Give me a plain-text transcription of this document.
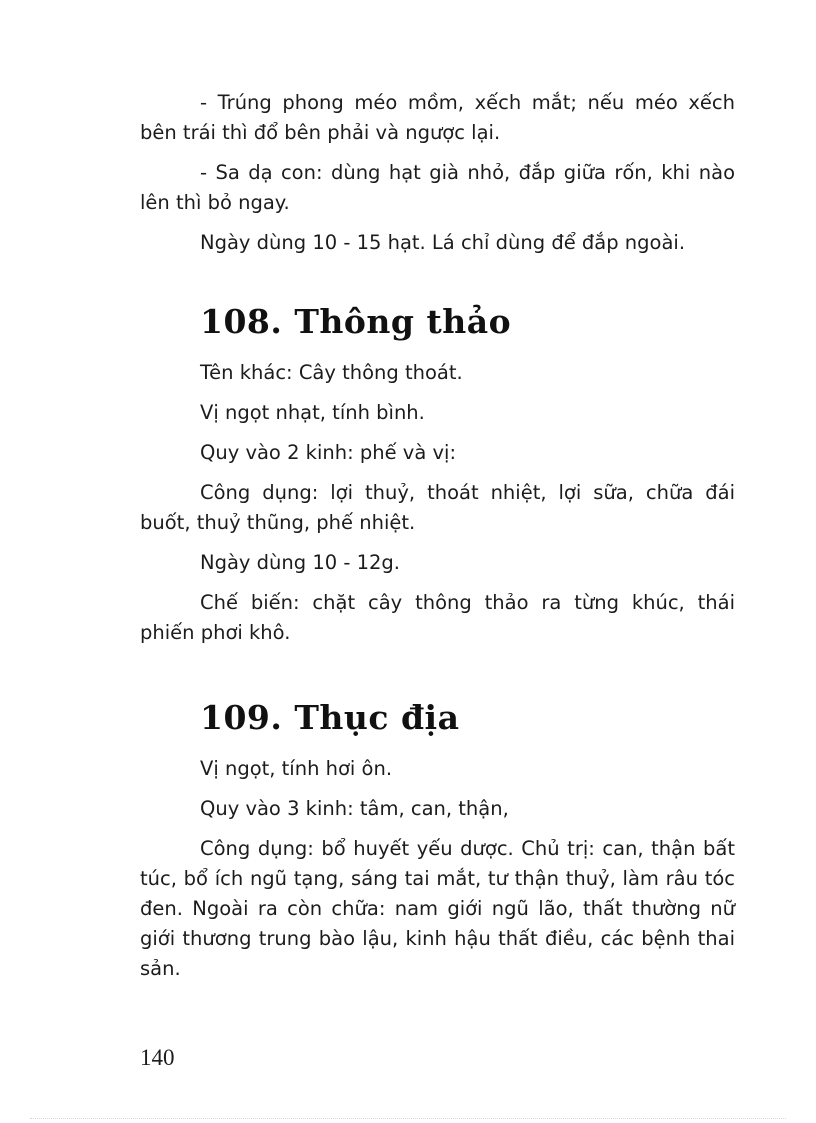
- Trúng phong méo mồm, xếch mắt; nếu méo xếch bên trái thì đổ bên phải và ngược lại.

- Sa dạ con: dùng hạt già nhỏ, đắp giữa rốn, khi nào lên thì bỏ ngay.

Ngày dùng 10 - 15 hạt. Lá chỉ dùng để đắp ngoài.

108. Thông thảo

Tên khác: Cây thông thoát.

Vị ngọt nhạt, tính bình.

Quy vào 2 kinh: phế và vị:

Công dụng: lợi thuỷ, thoát nhiệt, lợi sữa, chữa đái buốt, thuỷ thũng, phế nhiệt.

Ngày dùng 10 - 12g.

Chế biến: chặt cây thông thảo ra từng khúc, thái phiến phơi khô.

109. Thục địa

Vị ngọt, tính hơi ôn.

Quy vào 3 kinh: tâm, can, thận,

Công dụng: bổ huyết yếu dược. Chủ trị: can, thận bất túc, bổ ích ngũ tạng, sáng tai mắt, tư thận thuỷ, làm râu tóc đen. Ngoài ra còn chữa: nam giới ngũ lão, thất thường nữ giới thương trung bào lậu, kinh hậu thất điều, các bệnh thai sản.

140
